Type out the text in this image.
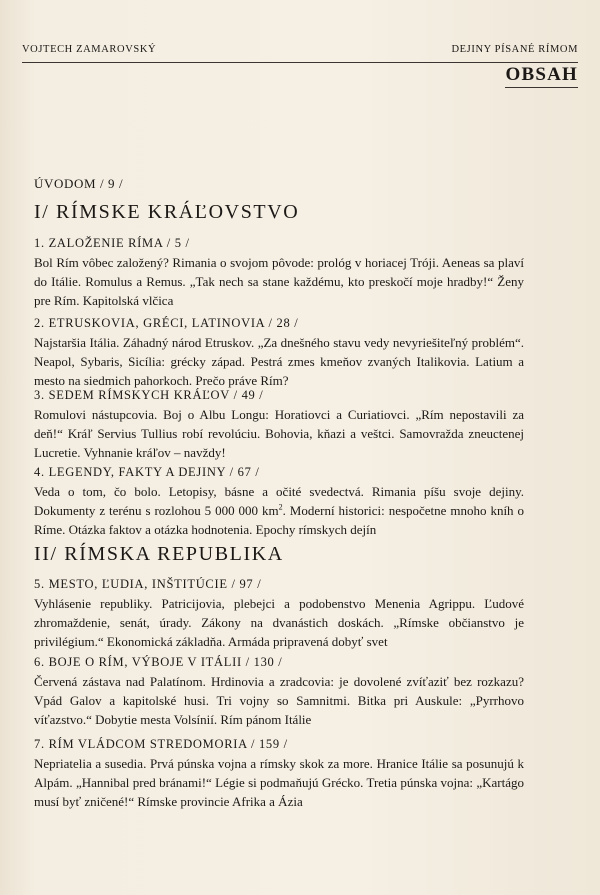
VOJTECH ZAMAROVSKÝ	DEJINY PÍSANÉ RÍMOM
OBSAH
ÚVODOM / 9 /
I/ RÍMSKE KRÁĽOVSTVO

1. ZALOŽENIE RÍMA / 5 /

Bol Rím vôbec založený? Rimania o svojom pôvode: prológ v horiacej Tróji. Aeneas sa plaví do Itálie. Romulus a Remus. „Tak nech sa stane každému, kto preskočí moje hradby!“ Ženy pre Rím. Kapitolská vlčica

2. ETRUSKOVIA, GRÉCI, LATINOVIA / 28 /

Najstaršia Itália. Záhadný národ Etruskov. „Za dnešného stavu vedy nevyriešiteľný problém“. Neapol, Sybaris, Sicília: grécky západ. Pestrá zmes kmeňov zvaných Italikovia. Latium a mesto na siedmich pahorkoch. Prečo práve Rím?

3. SEDEM RÍMSKYCH KRÁĽOV / 49 /

Romulovi nástupcovia. Boj o Albu Longu: Horatiovci a Curiatiovci. „Rím nepostavili za deň!“ Kráľ Servius Tullius robí revolúciu. Bohovia, kňazi a veštci. Samovražda zneuctenej Lucretie. Vyhnanie kráľov – navždy!

4. LEGENDY, FAKTY A DEJINY / 67 /

Veda o tom, čo bolo. Letopisy, básne a očité svedectvá. Rimania píšu svoje dejiny. Dokumenty z terénu s rozlohou 5 000 000 $km^2$. Moderní historici: nespočetne mnoho kníh o Ríme. Otázka faktov a otázka hodnotenia. Epochy rímskych dejín

II/ RÍMSKA REPUBLIKA

5. MESTO, ĽUDIA, INŠTITÚCIE / 97 /

Vyhlásenie republiky. Patricijovia, plebejci a podobenstvo Menenia Agrippu. Ľudové zhromaždenie, senát, úrady. Zákony na dvanástich doskách. „Rímske občianstvo je privilégium.“ Ekonomická základňa. Armáda pripravená dobyť svet

6. BOJE O RÍM, VÝBOJE V ITÁLII / 130 /

Červená zástava nad Palatínom. Hrdinovia a zradcovia: je dovolené zvíťaziť bez rozkazu? Vpád Galov a kapitolské husi. Tri vojny so Samnitmi. Bitka pri Auskule: „Pyrrhovo víťazstvo.“ Dobytie mesta Volsínií. Rím pánom Itálie

7. RÍM VLÁDCOM STREDOMORIA / 159 /

Nepriatelia a susedia. Prvá púnska vojna a rímsky skok za more. Hranice Itálie sa posunujú k Alpám. „Hannibal pred bránami!“ Légie si podmaňujú Grécko. Tretia púnska vojna: „Kartágo musí byť zničené!“ Rímske provincie Afrika a Ázia
